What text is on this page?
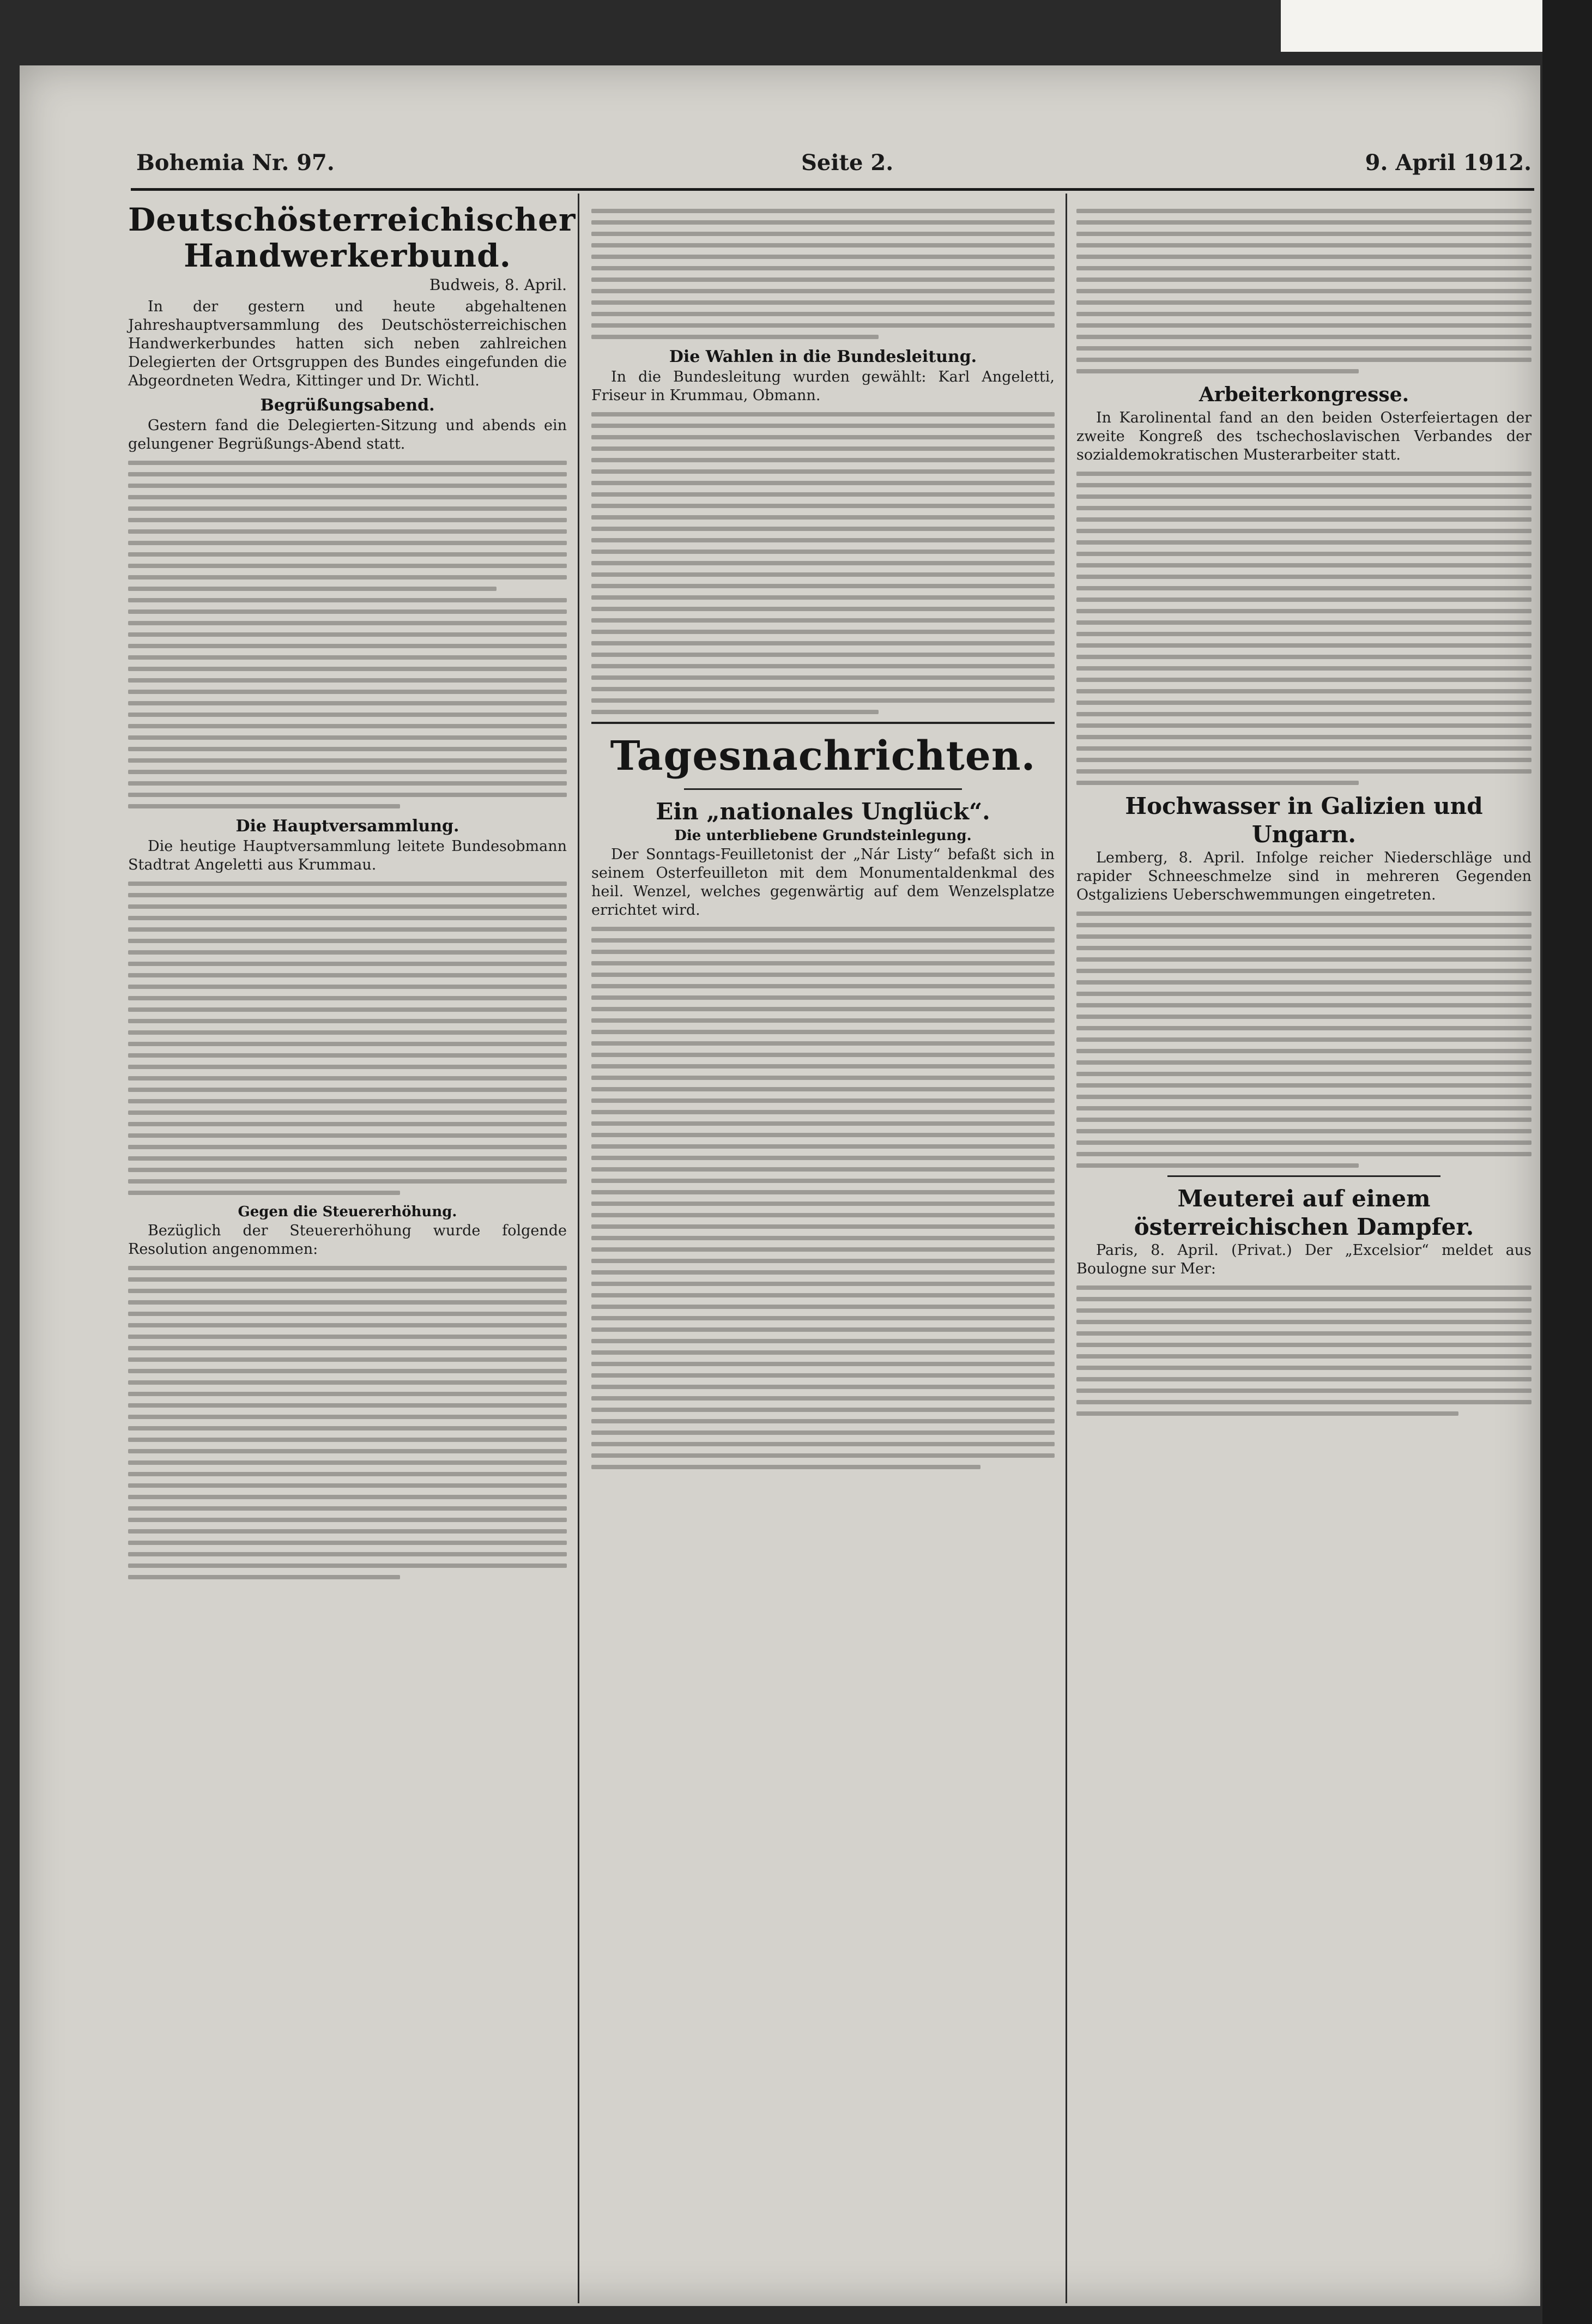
Bohemia Nr. 97.	Seite 2.	9. April 1912.
Deutschösterreichischer Handwerkerbund.
Budweis, 8. April.

In der gestern und heute abgehaltenen Jahreshauptversammlung des Deutschösterreichischen Handwerkerbundes hatten sich neben zahlreichen Delegierten der Ortsgruppen des Bundes eingefunden die Abgeordneten Wedra, Kittinger und Dr. Wichtl.

Begrüßungsabend.

Gestern fand die Delegierten-Sitzung und abends ein gelungener Begrüßungs-Abend statt.

Die Hauptversammlung.

Die heutige Hauptversammlung leitete Bundesobmann Stadtrat Angeletti aus Krummau.

Gegen die Steuererhöhung.

Bezüglich der Steuererhöhung wurde folgende Resolution angenommen:

Die Wahlen in die Bundesleitung.

In die Bundesleitung wurden gewählt: Karl Angeletti, Friseur in Krummau, Obmann.

Tagesnachrichten.
Ein „nationales Unglück“.
Die unterbliebene Grundsteinlegung.

Der Sonntags-Feuilletonist der „Nár Listy“ befaßt sich in seinem Osterfeuilleton mit dem Monumentaldenkmal des heil. Wenzel, welches gegenwärtig auf dem Wenzelsplatze errichtet wird.

Arbeiterkongresse.

In Karolinental fand an den beiden Osterfeiertagen der zweite Kongreß des tschechoslavischen Verbandes der sozialdemokratischen Musterarbeiter statt.

Hochwasser in Galizien und Ungarn.

Lemberg, 8. April. Infolge reicher Niederschläge und rapider Schneeschmelze sind in mehreren Gegenden Ostgaliziens Ueberschwemmungen eingetreten.

Meuterei auf einem österreichischen Dampfer.

Paris, 8. April. (Privat.) Der „Excelsior“ meldet aus Boulogne sur Mer:
